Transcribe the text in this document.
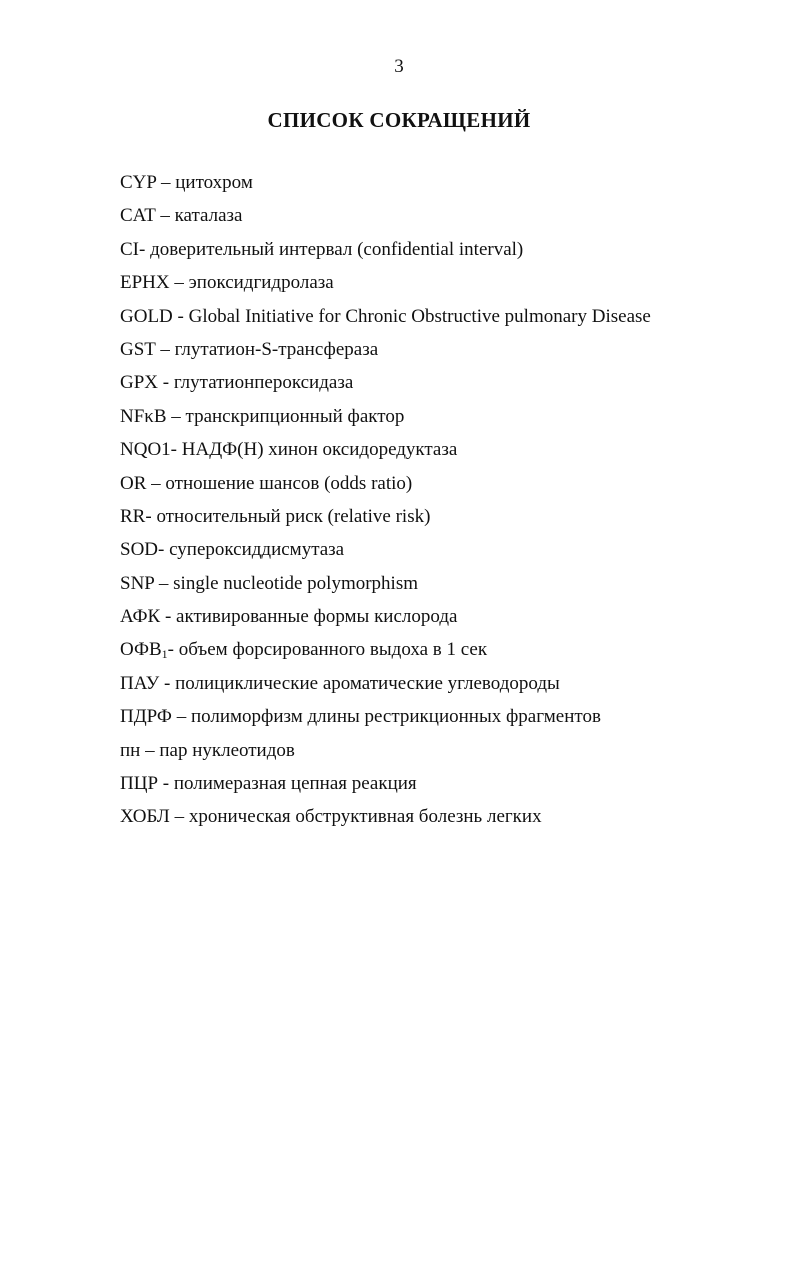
3
СПИСОК СОКРАЩЕНИЙ
CYP – цитохром
CAT – каталаза
CI- доверительный интервал (confidential interval)
EPHX – эпоксидгидролаза
GOLD - Global Initiative for Chronic Obstructive pulmonary Disease
GST – глутатион-S-трансфераза
GPX - глутатионпероксидаза
NFκB – транскрипционный фактор
NQO1- НАДФ(Н) хинон оксидоредуктаза
OR – отношение шансов (odds ratio)
RR- относительный риск (relative risk)
SOD- супероксиддисмутаза
SNP – single nucleotide polymorphism
АФК - активированные формы кислорода
$ОФВ_1-$ объем форсированного выдоха в 1 сек
ПАУ - полициклические ароматические углеводороды
ПДРФ – полиморфизм длины рестрикционных фрагментов
пн – пар нуклеотидов
ПЦР - полимеразная цепная реакция
ХОБЛ – хроническая обструктивная болезнь легких
